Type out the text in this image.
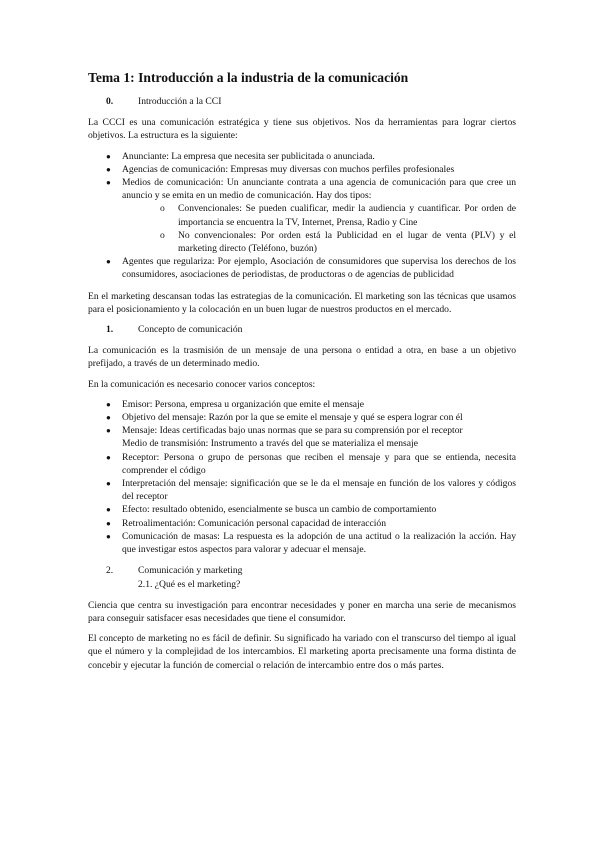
Tema 1: Introducción a la industria de la comunicación
0.	Introducción a la CCI

La CCCI es una comunicación estratégica y tiene sus objetivos. Nos da herramientas para lograr ciertos objetivos. La estructura es la siguiente:

● Anunciante: La empresa que necesita ser publicitada o anunciada.
● Agencias de comunicación: Empresas muy diversas con muchos perfiles profesionales
● Medios de comunicación: Un anunciante contrata a una agencia de comunicación para que cree un anuncio y se emita en un medio de comunicación. Hay dos tipos:
o Convencionales: Se pueden cualificar, medir la audiencia y cuantificar. Por orden de importancia se encuentra la TV, Internet, Prensa, Radio y Cine
o No convencionales: Por orden está la Publicidad en el lugar de venta (PLV) y el marketing directo (Teléfono, buzón)
● Agentes que regulariza: Por ejemplo, Asociación de consumidores que supervisa los derechos de los consumidores, asociaciones de periodistas, de productoras o de agencias de publicidad

En el marketing descansan todas las estrategias de la comunicación. El marketing son las técnicas que usamos para el posicionamiento y la colocación en un buen lugar de nuestros productos en el mercado.

1.	Concepto de comunicación

La comunicación es la trasmisión de un mensaje de una persona o entidad a otra, en base a un objetivo prefijado, a través de un determinado medio.

En la comunicación es necesario conocer varios conceptos:

● Emisor: Persona, empresa u organización que emite el mensaje
● Objetivo del mensaje: Razón por la que se emite el mensaje y qué se espera lograr con él
● Mensaje: Ideas certificadas bajo unas normas que se para su comprensión por el receptor
Medio de transmisión: Instrumento a través del que se materializa el mensaje
● Receptor: Persona o grupo de personas que reciben el mensaje y para que se entienda, necesita comprender el código
● Interpretación del mensaje: significación que se le da el mensaje en función de los valores y códigos del receptor
● Efecto: resultado obtenido, esencialmente se busca un cambio de comportamiento
● Retroalimentación: Comunicación personal capacidad de interacción
● Comunicación de masas: La respuesta es la adopción de una actitud o la realización la acción. Hay que investigar estos aspectos para valorar y adecuar el mensaje.
2.	Comunicación y marketing
2.1. ¿Qué es el marketing?

Ciencia que centra su investigación para encontrar necesidades y poner en marcha una serie de mecanismos para conseguir satisfacer esas necesidades que tiene el consumidor.

El concepto de marketing no es fácil de definir. Su significado ha variado con el transcurso del tiempo al igual que el número y la complejidad de los intercambios. El marketing aporta precisamente una forma distinta de concebir y ejecutar la función de comercial o relación de intercambio entre dos o más partes.
